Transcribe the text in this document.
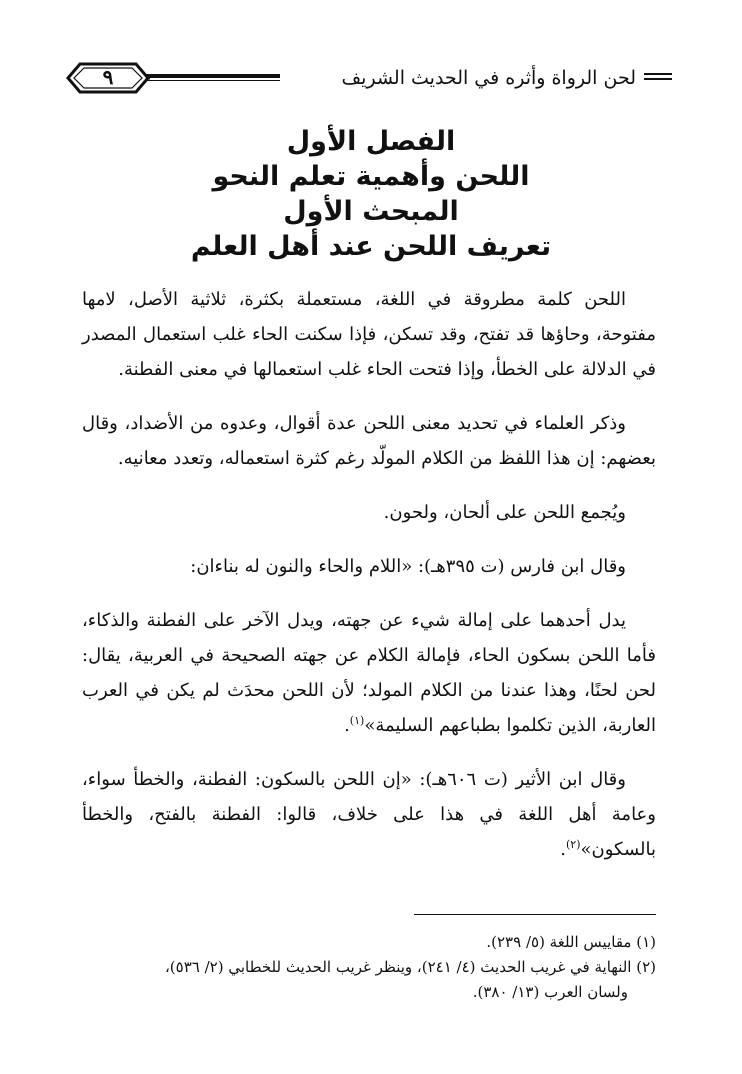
لحن الرواة وأثره في الحديث الشريف
٩
الفصل الأول
اللحن وأهمية تعلم النحو
المبحث الأول
تعريف اللحن عند أهل العلم

اللحن كلمة مطروقة في اللغة، مستعملة بكثرة، ثلاثية الأصل، لامها مفتوحة، وحاؤها قد تفتح، وقد تسكن، فإذا سكنت الحاء غلب استعمال المصدر في الدلالة على الخطأ، وإذا فتحت الحاء غلب استعمالها في معنى الفطنة.

وذكر العلماء في تحديد معنى اللحن عدة أقوال، وعدوه من الأضداد، وقال بعضهم: إن هذا اللفظ من الكلام المولّد رغم كثرة استعماله، وتعدد معانيه.

ويُجمع اللحن على ألحان، ولحون.

وقال ابن فارس (ت ٣٩٥هـ): «اللام والحاء والنون له بناءان:

يدل أحدهما على إمالة شيء عن جهته، ويدل الآخر على الفطنة والذكاء، فأما اللحن بسكون الحاء، فإمالة الكلام عن جهته الصحيحة في العربية، يقال: لحن لحنًا، وهذا عندنا من الكلام المولد؛ لأن اللحن محدَث لم يكن في العرب العاربة، الذين تكلموا بطباعهم السليمة»$^{(١)}$.

وقال ابن الأثير (ت ٦٠٦هـ): «إن اللحن بالسكون: الفطنة، والخطأ سواء، وعامة أهل اللغة في هذا على خلاف، قالوا: الفطنة بالفتح، والخطأ بالسكون»$^{(٢)}$.

(١) مقاييس اللغة (٥/ ٢٣٩).

(٢) النهاية في غريب الحديث (٤/ ٢٤١)، وينظر غريب الحديث للخطابي (٢/ ٥٣٦)،

ولسان العرب (١٣/ ٣٨٠).
